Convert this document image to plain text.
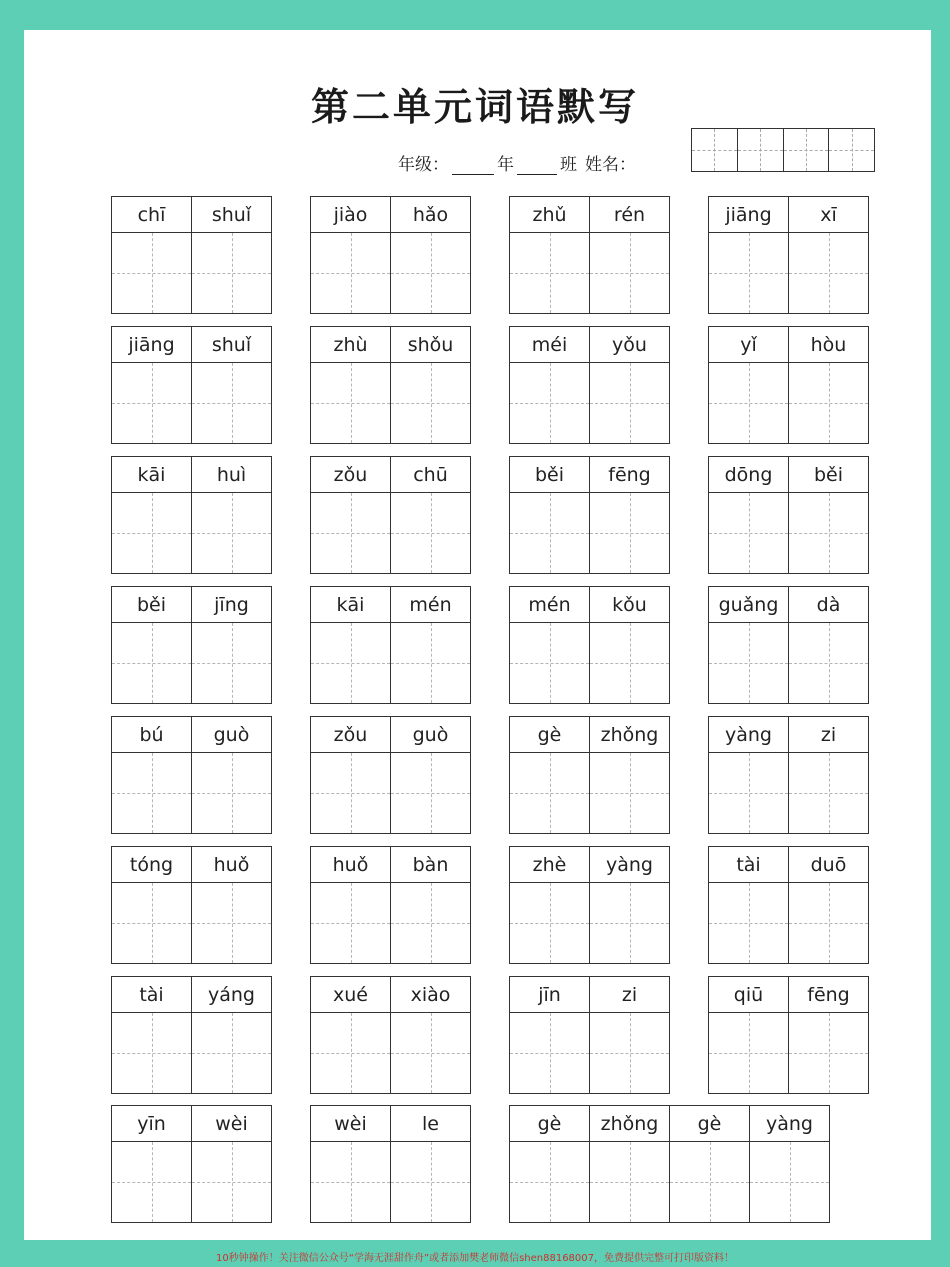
第二单元词语默写
年级：	年	班 姓名：
chī	shuǐ	jiào	hǎo	zhǔ	rén	jiāng	xī
jiāng	shuǐ	zhù	shǒu	méi	yǒu	yǐ	hòu
kāi	huì	zǒu	chū	běi	fēng	dōng	běi
běi	jīng	kāi	mén	mén	kǒu	guǎng	dà
bú	guò	zǒu	guò	gè	zhǒng	yàng	zi
tóng	huǒ	huǒ	bàn	zhè	yàng	tài	duō
tài	yáng	xué	xiào	jīn	zi	qiū	fēng
yīn	wèi	wèi	le	gè	zhǒng	gè	yàng
10秒钟操作！关注微信公众号“学海无涯甜作舟”或者添加樊老师微信shen88168007，免费提供完整可打印版资料！
